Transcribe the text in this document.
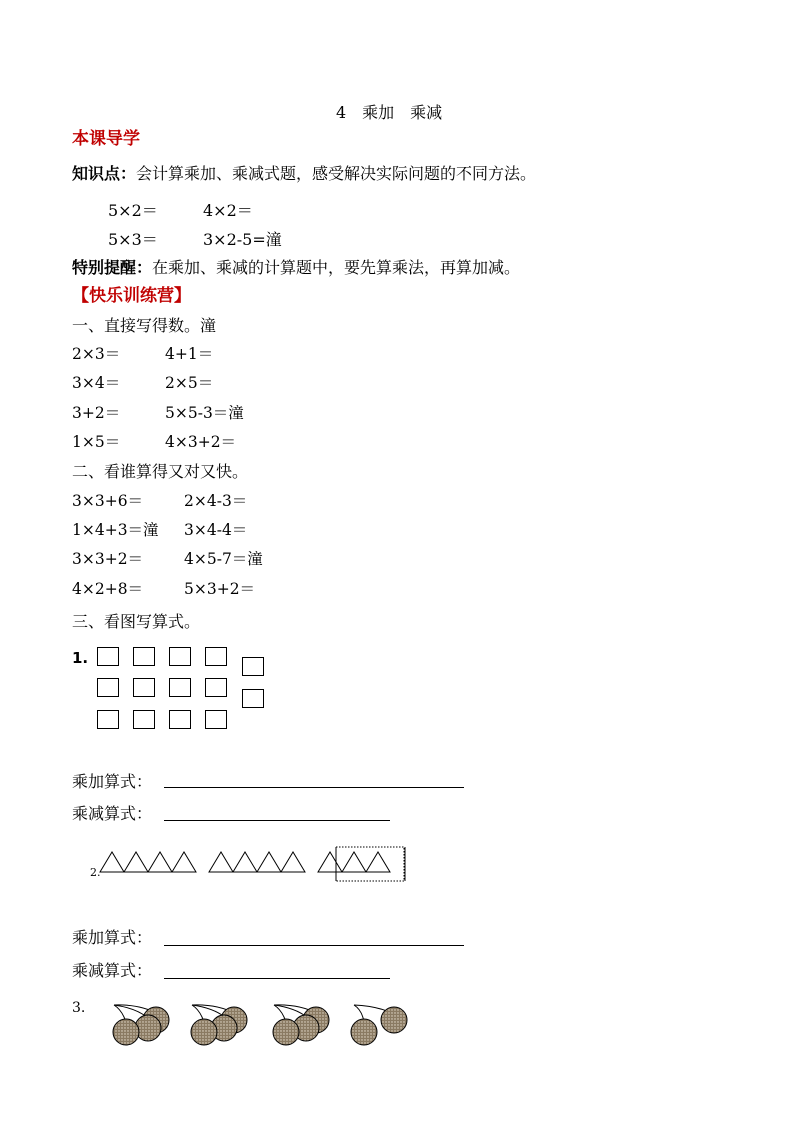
4　乘加　乘减
本课导学
知识点：会计算乘加、乘减式题，感受解决实际问题的不同方法。
5×2＝	4×2＝
5×3＝	3×2-5=潼
特别提醒：在乘加、乘减的计算题中，要先算乘法，再算加减。
【快乐训练营】
一、直接写得数。潼
2×3＝	4+1＝
3×4＝	2×5＝
3+2＝	5×5-3＝潼
1×5＝	4×3+2＝
二、看谁算得又对又快。
3×3+6＝	2×4-3＝
1×4+3＝潼 3×4-4＝
3×3+2＝	4×5-7＝潼
4×2+8＝	5×3+2＝
三、看图写算式。
1.
乘加算式：
乘减算式：
2.
乘加算式：
乘减算式：
3.
